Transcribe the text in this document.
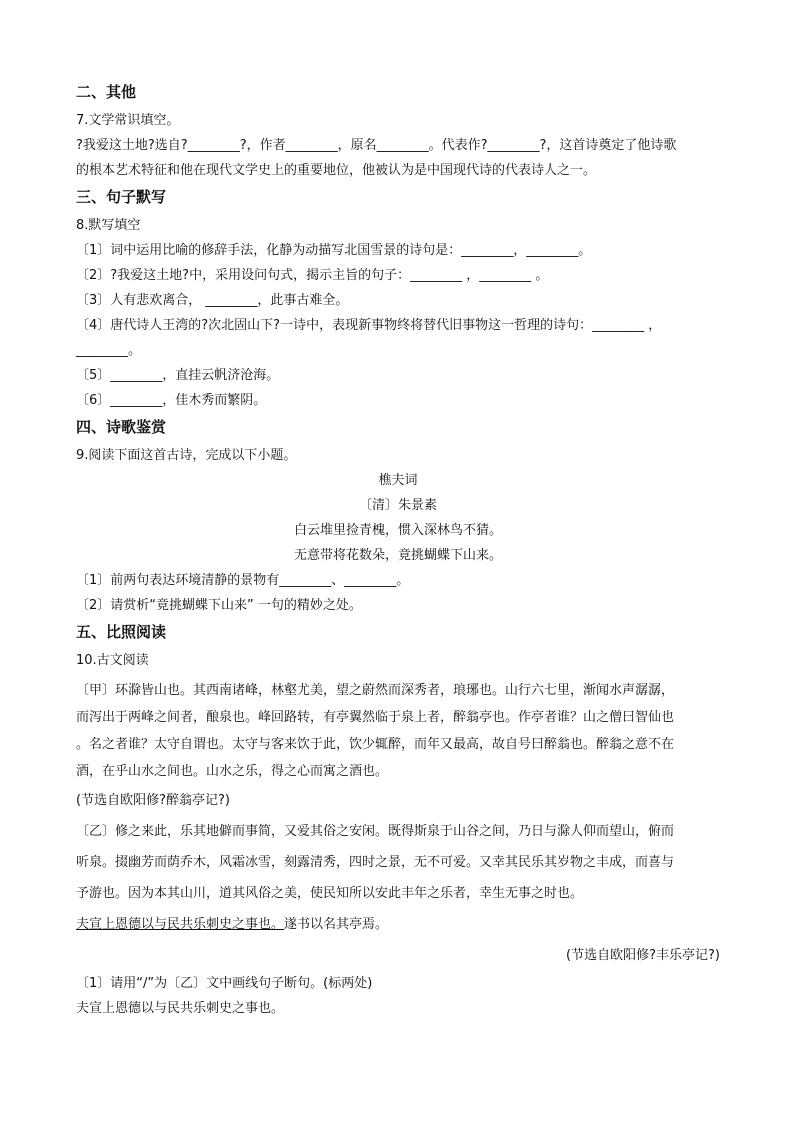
二、其他
7.文学常识填空。
?我爱这土地?选自?________?，作者________，原名________。代表作?________?，这首诗奠定了他诗歌
的根本艺术特征和他在现代文学史上的重要地位，他被认为是中国现代诗的代表诗人之一。
三、句子默写
8.默写填空
〔1〕词中运用比喻的修辞手法，化静为动描写北国雪景的诗句是：________，________。
〔2〕?我爱这土地?中，采用设问句式，揭示主旨的句子：________ ，________ 。
〔3〕人有悲欢离合， ________，此事古难全。
〔4〕唐代诗人王湾的?次北固山下?一诗中，表现新事物终将替代旧事物这一哲理的诗句：________ ，
________。
〔5〕________，直挂云帆济沧海。
〔6〕________，佳木秀而繁阴。
四、诗歌鉴赏
9.阅读下面这首古诗，完成以下小题。
樵夫词
〔清〕朱景素
白云堆里捡青槐，惯入深林鸟不猜。
无意带将花数朵，竟挑蝴蝶下山来。
〔1〕前两句表达环境清静的景物有________、________。
〔2〕请赏析“竟挑蝴蝶下山来” 一句的精妙之处。
五、比照阅读
10.古文阅读
〔甲〕环滁皆山也。其西南诸峰，林壑尤美，望之蔚然而深秀者，琅琊也。山行六七里，渐闻水声潺潺，
而泻出于两峰之间者，酿泉也。峰回路转，有亭翼然临于泉上者，醉翁亭也。作亭者谁？山之僧曰智仙也
。名之者谁？太守自谓也。太守与客来饮于此，饮少辄醉，而年又最高，故自号曰醉翁也。醉翁之意不在
酒，在乎山水之间也。山水之乐，得之心而寓之酒也。
(节选自欧阳修?醉翁亭记?)
〔乙〕修之来此，乐其地僻而事简，又爱其俗之安闲。既得斯泉于山谷之间，乃日与滁人仰而望山，俯而
听泉。掇幽芳而荫乔木，风霜冰雪，刻露清秀，四时之景，无不可爱。又幸其民乐其岁物之丰成，而喜与
予游也。因为本其山川，道其风俗之美，使民知所以安此丰年之乐者，幸生无事之时也。
夫宣上恩德以与民共乐刺史之事也。遂书以名其亭焉。
(节选自欧阳修?丰乐亭记?)
〔1〕请用“/”为〔乙〕文中画线句子断句。(标两处)
夫宣上恩德以与民共乐刺史之事也。
